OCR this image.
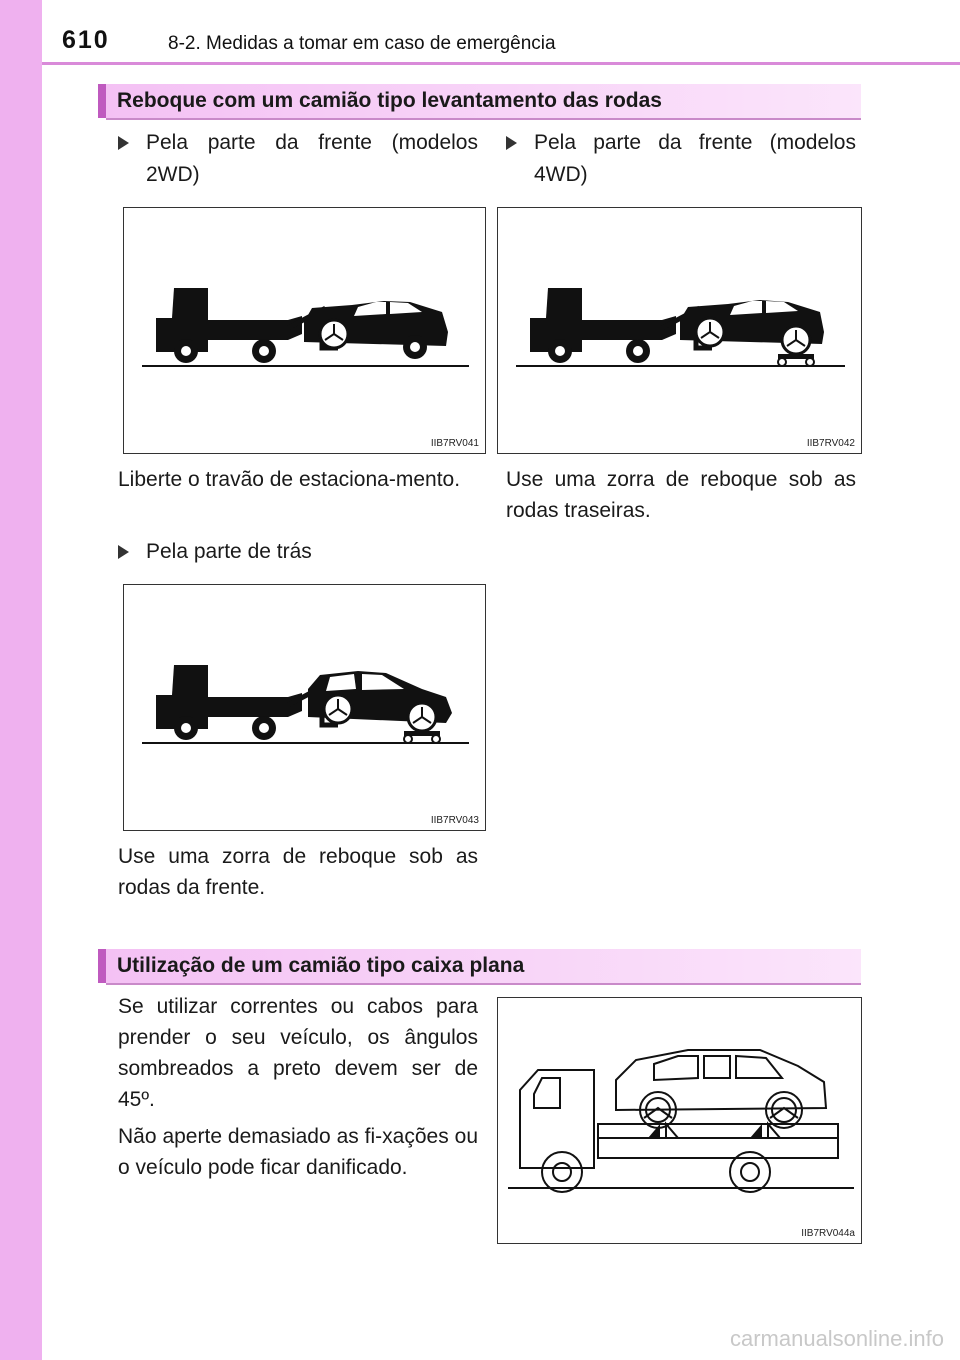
610	8-2. Medidas a tomar em caso de emergência
Reboque com um camião tipo levantamento das rodas
Pela parte da frente (modelos 2WD)
Pela parte da frente (modelos 4WD)
IIB7RV041	IIB7RV042
Liberte o travão de estaciona-mento.	Use uma zorra de reboque sob as rodas traseiras.
Pela parte de trás
IIB7RV043
Use uma zorra de reboque sob as rodas da frente.
Utilização de um camião tipo caixa plana
Se utilizar correntes ou cabos para prender o seu veículo, os ângulos sombreados a preto devem ser de 45º.
Não aperte demasiado as fi-xações ou o veículo pode ficar danificado.
IIB7RV044a
carmanualsonline.info
